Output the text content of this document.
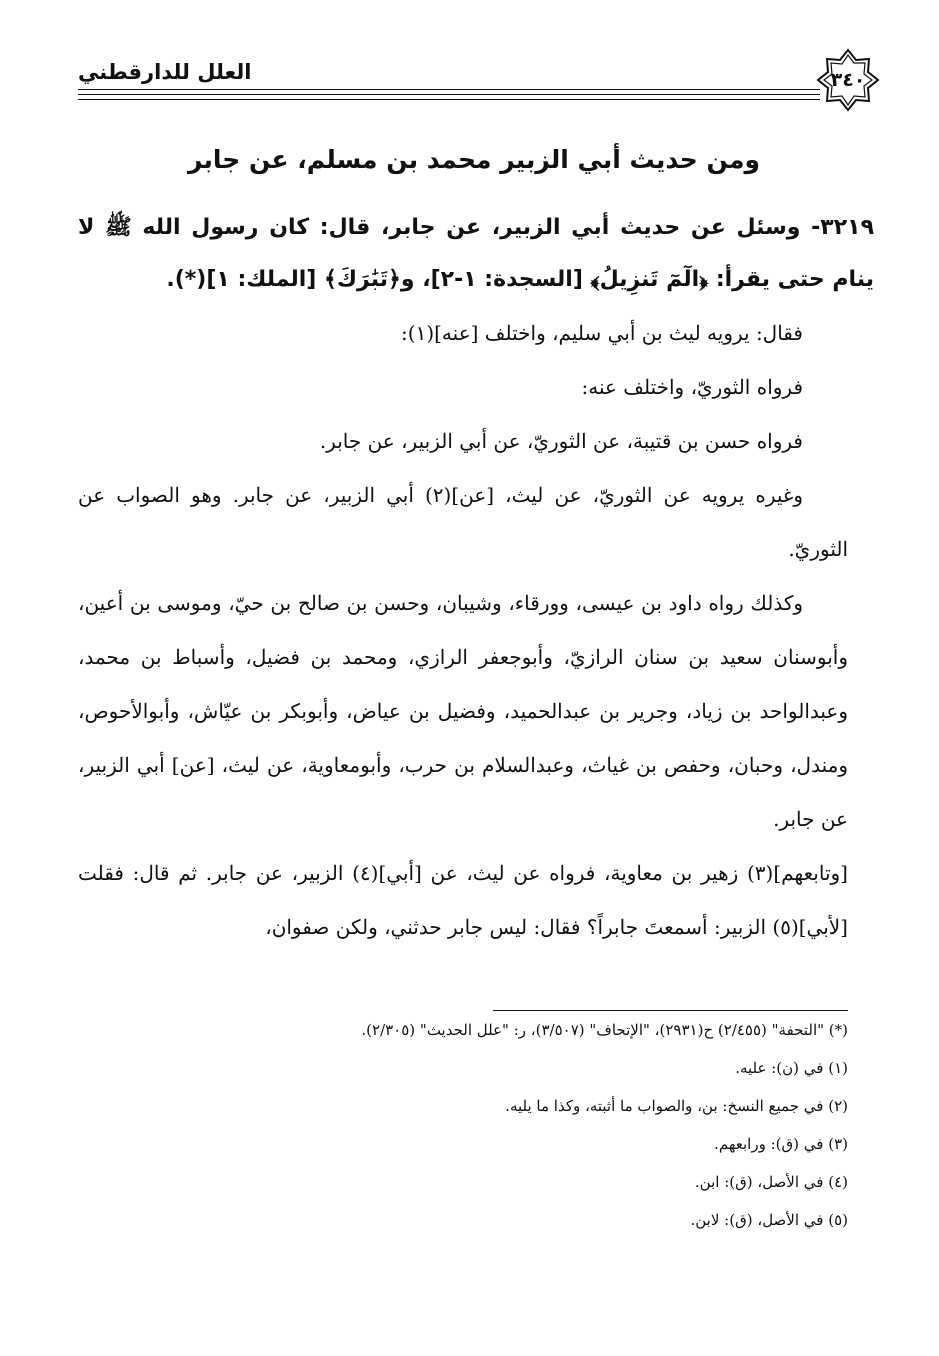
العلل للدارقطني	٣٤٠
ومن حديث أبي الزبير محمد بن مسلم، عن جابر
٣٢١٩- وسئل عن حديث أبي الزبير، عن جابر، قال: كان رسول الله ﷺ لا ينام حتى يقرأ: ﴿الٓمٓ تَنزِيلُ﴾ [السجدة: ١-٢]، و﴿تَبَٰرَكَ﴾ [الملك: ١](*).
فقال: يرويه ليث بن أبي سليم، واختلف [عنه](١):
فرواه الثوريّ، واختلف عنه:
فرواه حسن بن قتيبة، عن الثوريّ، عن أبي الزبير، عن جابر.
وغيره يرويه عن الثوريّ، عن ليث، [عن](٢) أبي الزبير، عن جابر. وهو الصواب عن الثوريّ.
وكذلك رواه داود بن عيسى، وورقاء، وشيبان، وحسن بن صالح بن حيّ، وموسى بن أعين، وأبوسنان سعيد بن سنان الرازيّ، وأبوجعفر الرازي، ومحمد بن فضيل، وأسباط بن محمد، وعبدالواحد بن زياد، وجرير بن عبدالحميد، وفضيل بن عياض، وأبوبكر بن عيّاش، وأبوالأحوص، ومندل، وحبان، وحفص بن غياث، وعبدالسلام بن حرب، وأبومعاوية، عن ليث، [عن] أبي الزبير، عن جابر.
[وتابعهم](٣) زهير بن معاوية، فرواه عن ليث، عن [أبي](٤) الزبير، عن جابر. ثم قال: فقلت [لأبي](٥) الزبير: أسمعتَ جابراً؟ فقال: ليس جابر حدثني، ولكن صفوان،
(*) "التحفة" (٢/٤٥٥) ح(٢٩٣١)، "الإتحاف" (٣/٥٠٧)، ر: "علل الحديث" (٢/٣٠٥).
(١) في (ن): عليه.
(٢) في جميع النسخ: بن، والصواب ما أثبته، وكذا ما يليه.
(٣) في (ق): ورابعهم.
(٤) في الأصل، (ق): ابن.
(٥) في الأصل، (ق): لابن.
